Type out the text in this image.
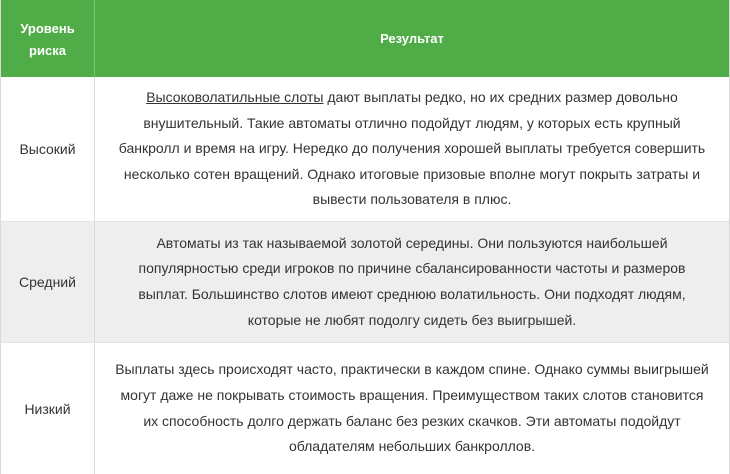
Уровень риска
Результат
Высокий
Высоковолатильные слоты дают выплаты редко, но их средних размер довольно внушительный. Такие автоматы отлично подойдут людям, у которых есть крупный банкролл и время на игру. Нередко до получения хорошей выплаты требуется совершить несколько сотен вращений. Однако итоговые призовые вполне могут покрыть затраты и вывести пользователя в плюс.
Средний
Автоматы из так называемой золотой середины. Они пользуются наибольшей популярностью среди игроков по причине сбалансированности частоты и размеров выплат. Большинство слотов имеют среднюю волатильность. Они подходят людям, которые не любят подолгу сидеть без выигрышей.
Низкий
Выплаты здесь происходят часто, практически в каждом спине. Однако суммы выигрышей могут даже не покрывать стоимость вращения. Преимуществом таких слотов становится их способность долго держать баланс без резких скачков. Эти автоматы подойдут обладателям небольших банкроллов.
